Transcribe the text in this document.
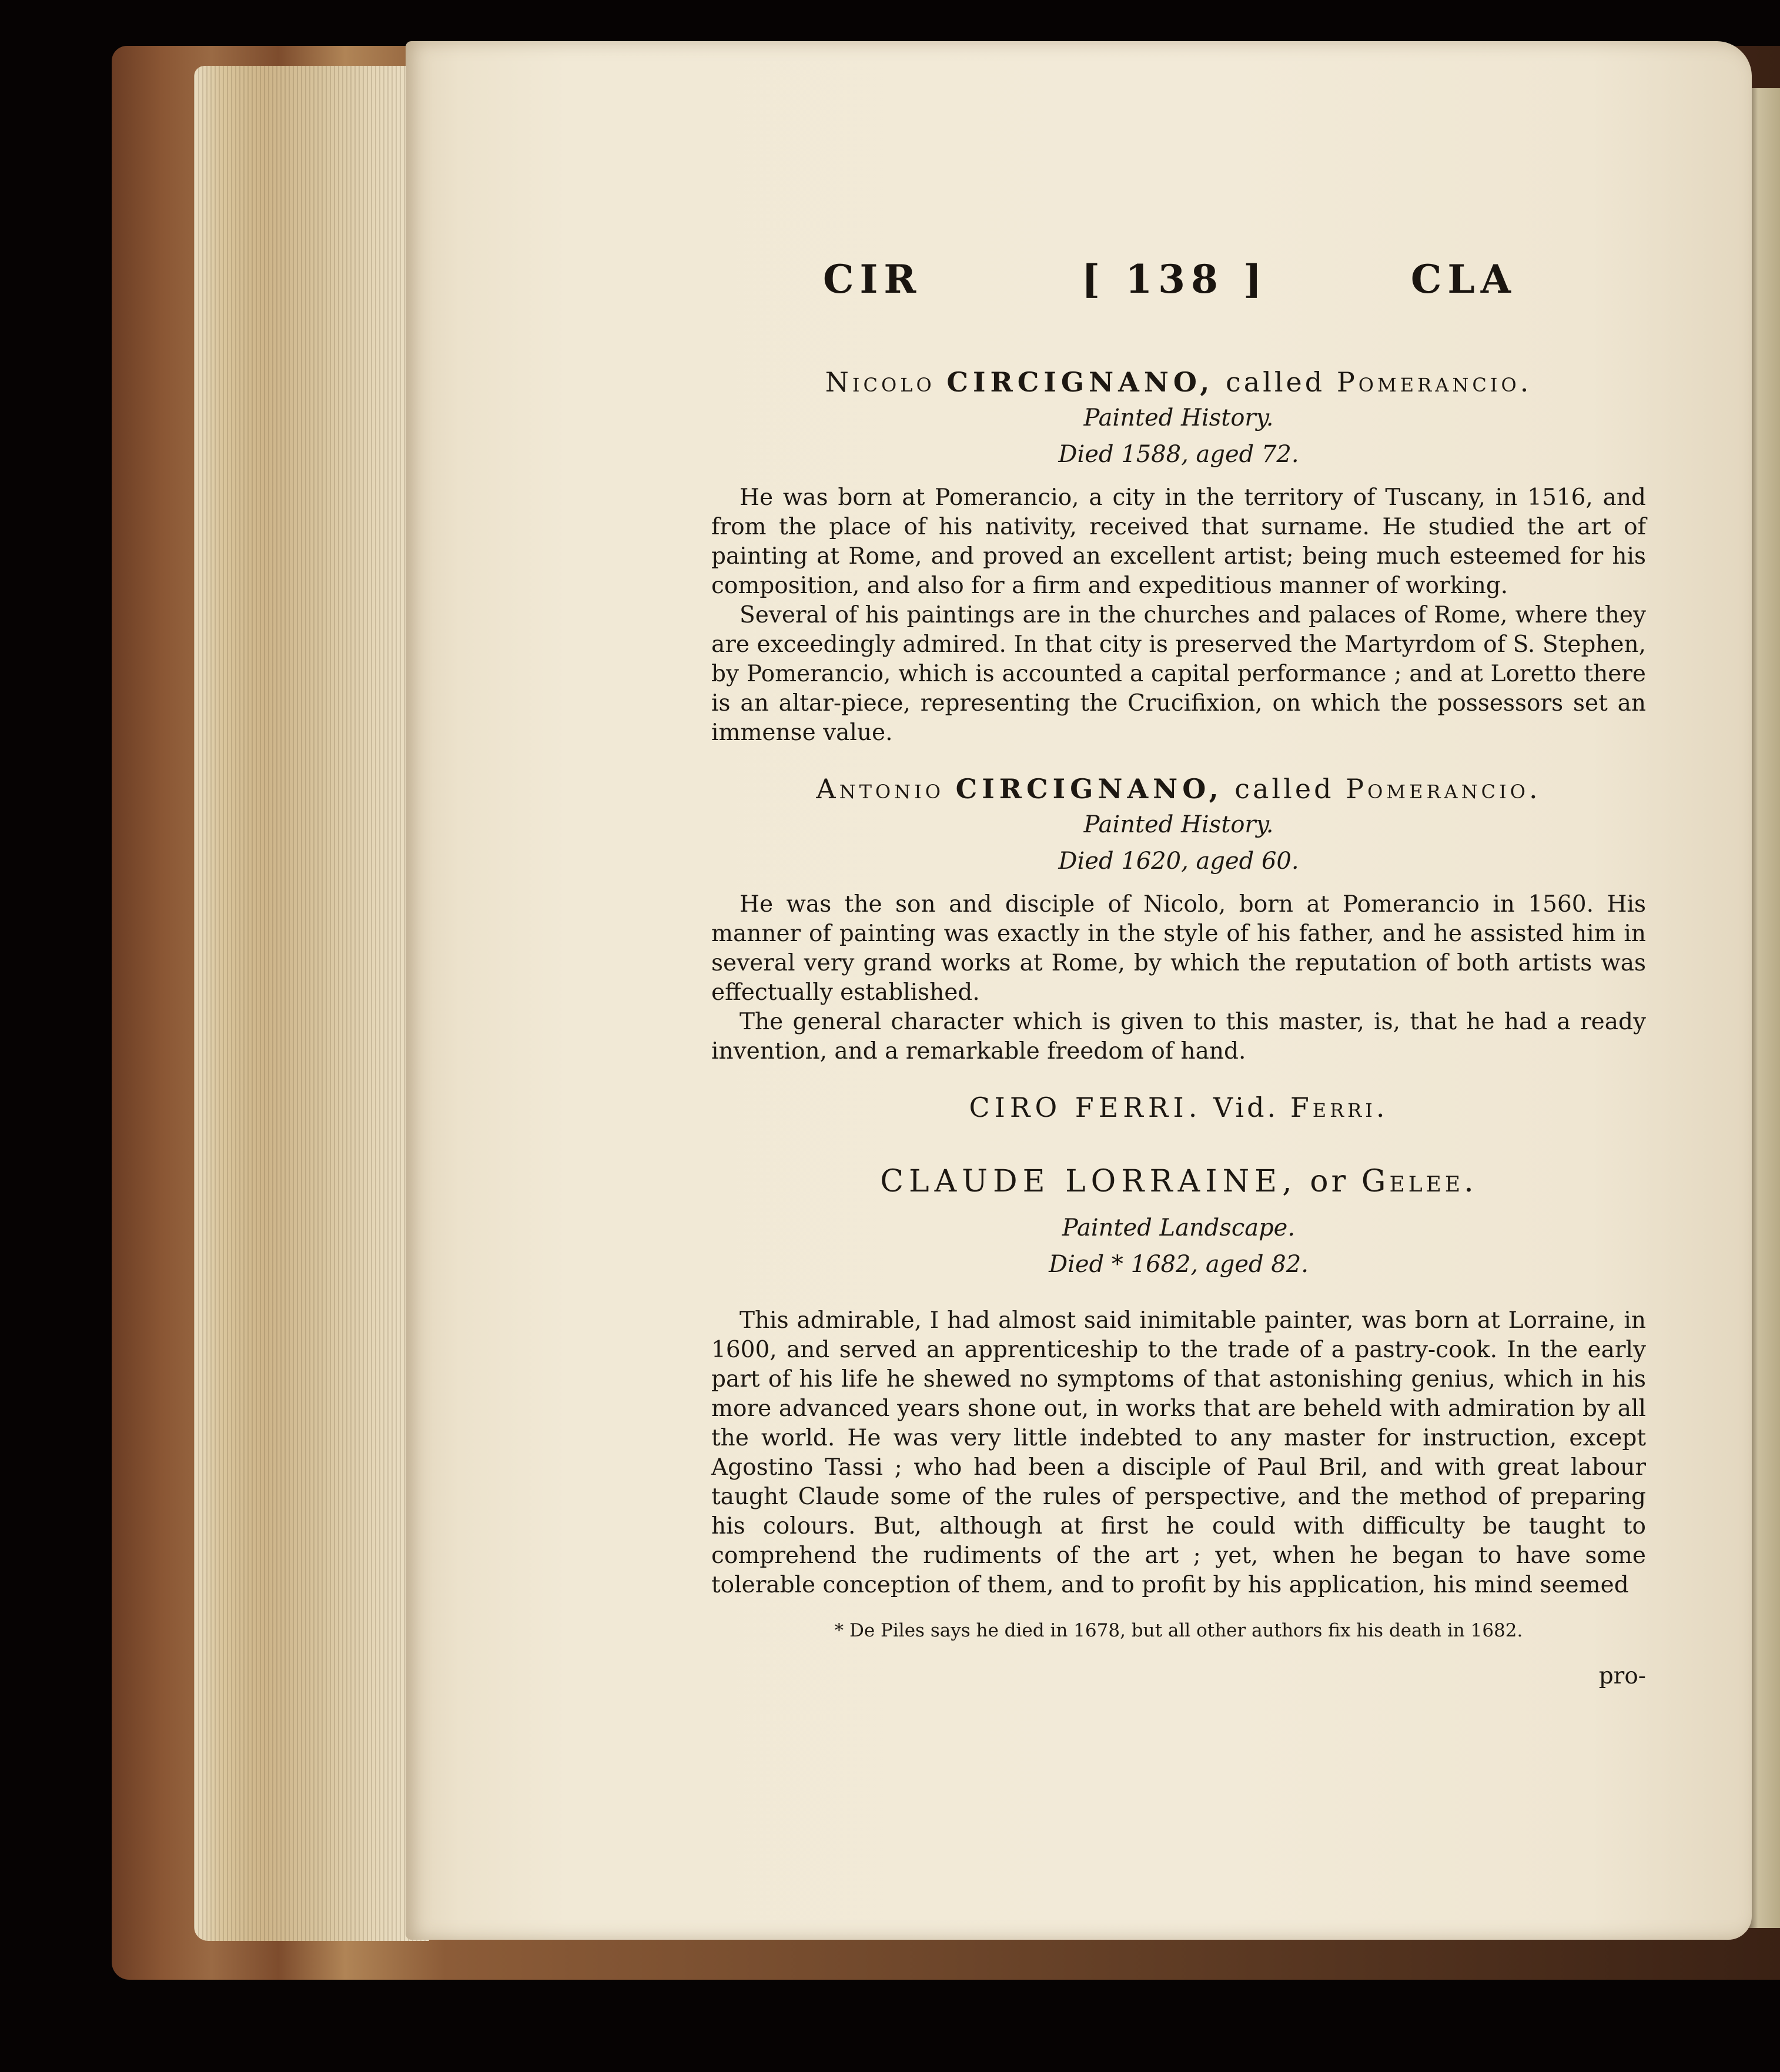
CIR	[ 138 ]	CLA

Nicolo CIRCIGNANO, called Pomerancio.

Painted History.

Died 1588, aged 72.

He was born at Pomerancio, a city in the territory of Tuscany, in 1516, and from the place of his nativity, received that surname. He studied the art of painting at Rome, and proved an excellent artist; being much esteemed for his composition, and also for a firm and expeditious manner of working.

Several of his paintings are in the churches and palaces of Rome, where they are exceedingly admired. In that city is preserved the Martyrdom of S. Stephen, by Pomerancio, which is accounted a capital performance ; and at Loretto there is an altar-piece, representing the Crucifixion, on which the possessors set an immense value.

Antonio CIRCIGNANO, called Pomerancio.

Painted History.

Died 1620, aged 60.

He was the son and disciple of Nicolo, born at Pomerancio in 1560. His manner of painting was exactly in the style of his father, and he assisted him in several very grand works at Rome, by which the reputation of both artists was effectually established.

The general character which is given to this master, is, that he had a ready invention, and a remarkable freedom of hand.

CIRO FERRI. Vid. Ferri.

CLAUDE LORRAINE, or Gelee.

Painted Landscape.

Died * 1682, aged 82.

This admirable, I had almost said inimitable painter, was born at Lorraine, in 1600, and served an apprenticeship to the trade of a pastry-cook. In the early part of his life he shewed no symptoms of that astonishing genius, which in his more advanced years shone out, in works that are beheld with admiration by all the world. He was very little indebted to any master for instruction, except Agostino Tassi ; who had been a disciple of Paul Bril, and with great labour taught Claude some of the rules of perspective, and the method of preparing his colours. But, although at first he could with difficulty be taught to comprehend the rudiments of the art ; yet, when he began to have some tolerable conception of them, and to profit by his application, his mind seemed

* De Piles says he died in 1678, but all other authors fix his death in 1682.

pro-
